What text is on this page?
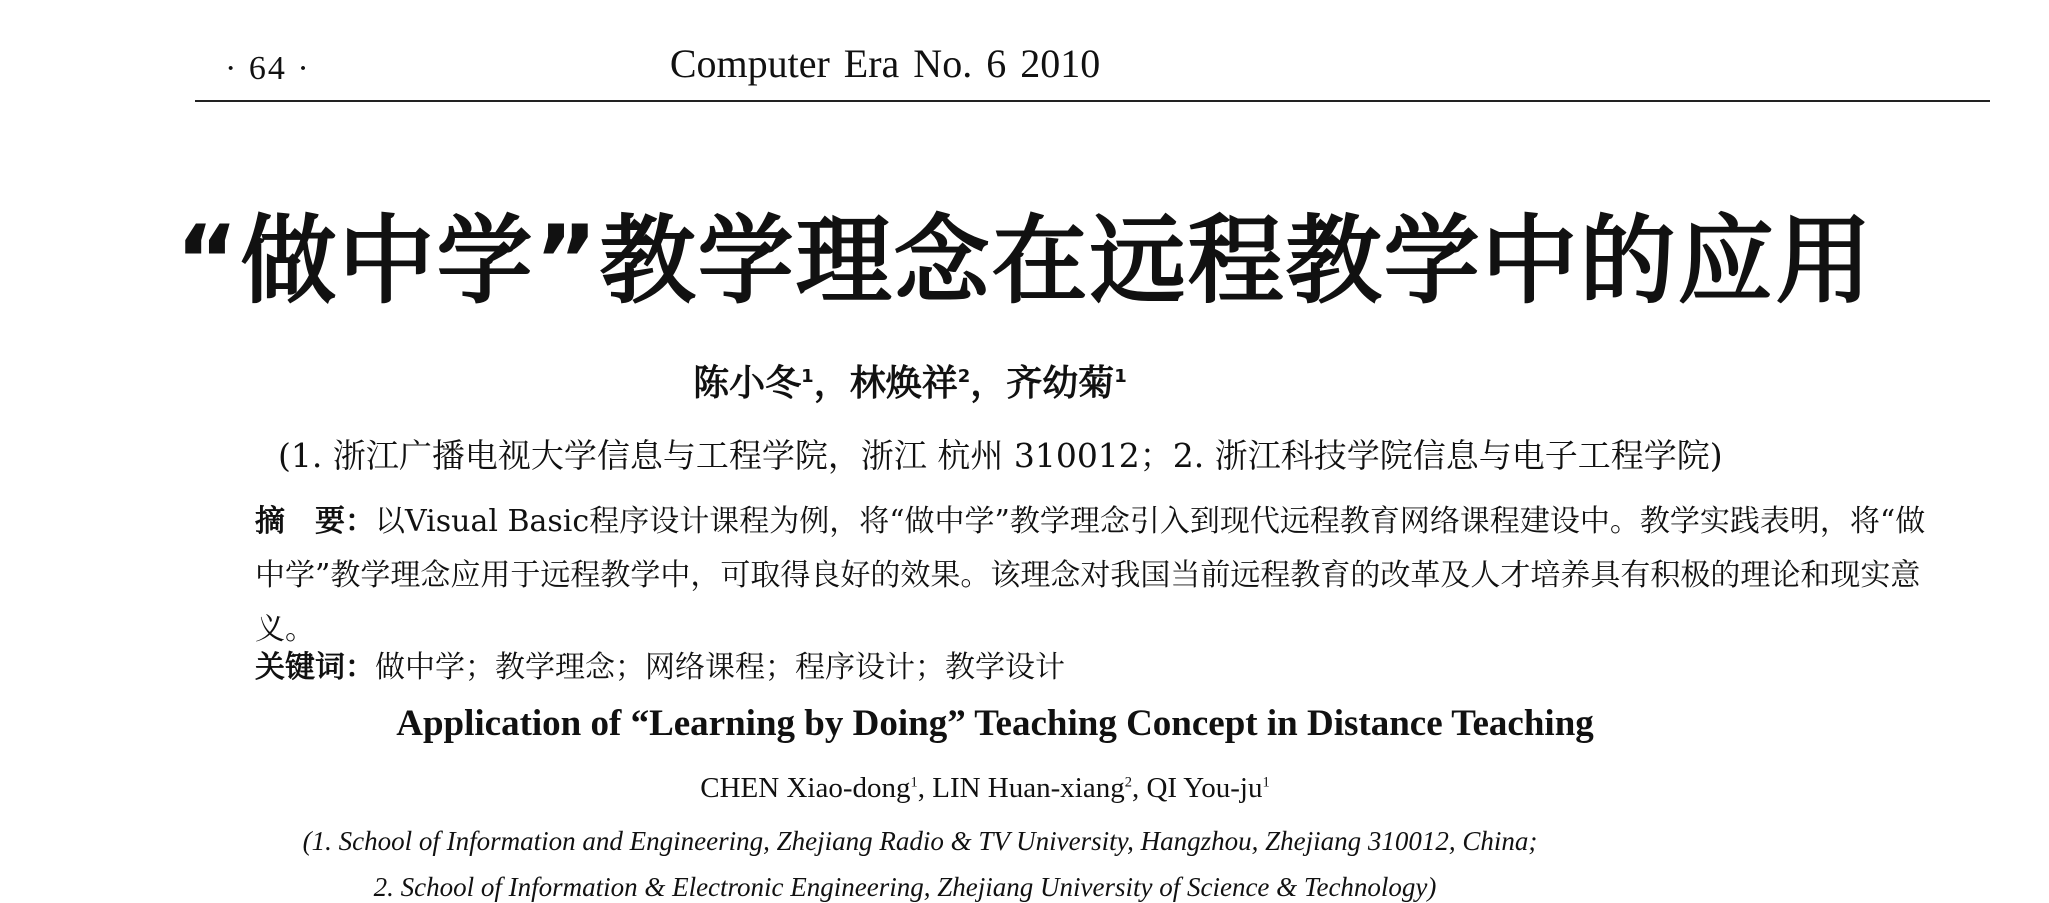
· 64 ·	Computer Era No. 6 2010
“做中学”教学理念在远程教学中的应用
陈小冬$^1$，林焕祥$^2$，齐幼菊$^1$
(1. 浙江广播电视大学信息与工程学院，浙江 杭州 310012；2. 浙江科技学院信息与电子工程学院)
摘　要：以Visual Basic程序设计课程为例，将“做中学”教学理念引入到现代远程教育网络课程建设中。教学实践表明，将“做中学”教学理念应用于远程教学中，可取得良好的效果。该理念对我国当前远程教育的改革及人才培养具有积极的理论和现实意义。
关键词：做中学；教学理念；网络课程；程序设计；教学设计
Application of “Learning by Doing” Teaching Concept in Distance Teaching
CHEN Xiao-dong$^1$, LIN Huan-xiang$^2$, QI You-$ju^1$
(1. School of Information and Engineering, Zhejiang Radio & TV University, Hangzhou, Zhejiang 310012, China;
2. School of Information & Electronic Engineering, Zhejiang University of Science & Technology)
